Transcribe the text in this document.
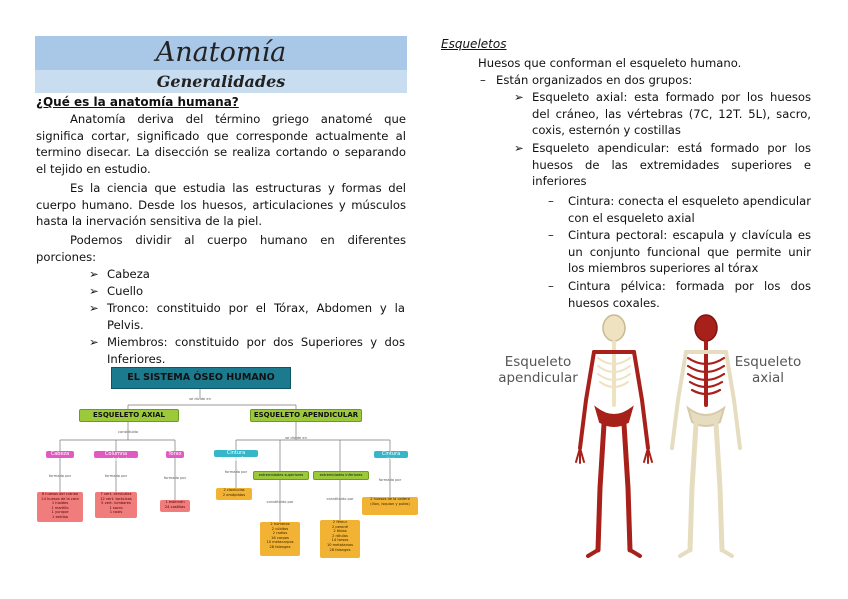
Anatomía
Generalidades
¿Qué es la anatomía humana?
Anatomía deriva del término griego anatomé que significa cortar, significado que corresponde actualmente al termino disecar. La disección se realiza cortando o separando el tejido en estudio.
Es la ciencia que estudia las estructuras y formas del cuerpo humano. Desde los huesos, articulaciones y músculos hasta la inervación sensitiva de la piel.
Podemos dividir al cuerpo humano en diferentes porciones:
➢ Cabeza
➢ Cuello
➢ Tronco: constituido por el Tórax, Abdomen y la Pelvis.
➢ Miembros: constituido por dos Superiores y dos Inferiores.
EL SISTEMA ÓSEO HUMANO
se divide en
ESQUELETO AXIAL	ESQUELETO APENDICULAR
constituido
se divide en
Cabeza	Columna vertebral
Tórax
formado por	formado por	formado por
8 huesos del cráneo
14 huesos de la cara
1 hioides
1 martillo
1 yunque
1 estribo
7 vert. cervicales
12 vert. torácicas
5 vert. lumbares
1 sacro
1 coxis
1 esternón
24 costillas
Cintura escapular
Cintura pélvica
formada por
formada por
2 clavículas
2 omóplatos
2 huesos de la cadera
(ilion, isquion y pubis)
extremidades superiores	extremidades inferiores
constituido por
constituido por
2 húmeros
2 cúbitos
2 radios
16 carpos
10 metacarpos
28 falanges
2 fémur
2 peroné
2 tibias
2 rótulas
14 tarsos
10 metatarsos
28 falanges
Esqueletos
Huesos que conforman el esqueleto humano.
– Están organizados en dos grupos:
➢ Esqueleto axial: esta formado por los huesos del cráneo, las vértebras (7C, 12T. 5L), sacro, coxis, esternón y costillas
➢ Esqueleto apendicular: está formado por los huesos de las extremidades superiores e inferiores
– Cintura: conecta el esqueleto apendicular con el esqueleto axial
– Cintura pectoral: escapula y clavícula es un conjunto funcional que permite unir los miembros superiores al tórax
– Cintura pélvica: formada por los dos huesos coxales.
Esqueleto
apendicular
Esqueleto
axial
